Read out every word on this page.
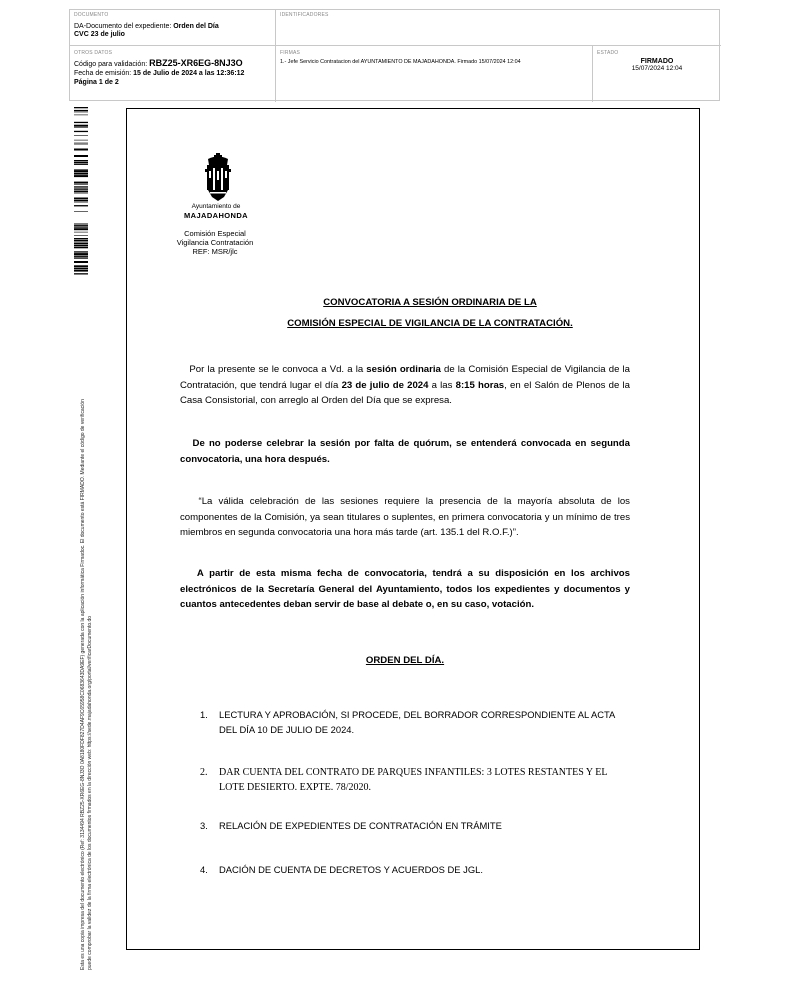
DOCUMENTO
DA-Documento del expediente: Orden del Día
CVC 23 de julio
IDENTIFICADORES
OTROS DATOS
Código para validación: RBZ25-XR6EG-8NJ3O
Fecha de emisión: 15 de Julio de 2024 a las 12:36:12
Página 1 de 2
FIRMAS
1.- Jefe Servicio Contratacion del AYUNTAMIENTO DE MAJADAHONDA. Firmado 15/07/2024 12:04
ESTADO
FIRMADO
15/07/2024 12:04
Esta es una copia impresa del documento electrónico (Ref: 3134494 RBZ25-XR6EG-8NJ3O 0A8180FDF827D4AF9C65958C0683643DA9EF) generada con la aplicación informática Firmadoc. El documento está FIRMADO. Mediante el código de verificación puede comprobar la validez de la firma electrónica de los documentos firmados en la dirección web: https://sede.majadahonda.org/portal/verificarDocumento.do
Ayuntamiento de
MAJADAHONDA
Comisión Especial
Vigilancia Contratación
REF: MSR/jlc
CONVOCATORIA A SESIÓN ORDINARIA DE LA
COMISIÓN ESPECIAL DE VIGILANCIA DE LA CONTRATACIÓN.
Por la presente se le convoca a Vd. a la sesión ordinaria de la Comisión Especial de Vigilancia de la Contratación, que tendrá lugar el día 23 de julio de 2024 a las 8:15 horas, en el Salón de Plenos de la Casa Consistorial, con arreglo al Orden del Día que se expresa.
De no poderse celebrar la sesión por falta de quórum, se entenderá convocada en segunda convocatoria, una hora después.
“La válida celebración de las sesiones requiere la presencia de la mayoría absoluta de los componentes de la Comisión, ya sean titulares o suplentes, en primera convocatoria y un mínimo de tres miembros en segunda convocatoria una hora más tarde (art. 135.1 del R.O.F.)”.
A partir de esta misma fecha de convocatoria, tendrá a su disposición en los archivos electrónicos de la Secretaría General del Ayuntamiento, todos los expedientes y documentos y cuantos antecedentes deban servir de base al debate o, en su caso, votación.
ORDEN DEL DÍA.
1.	LECTURA Y APROBACIÓN, SI PROCEDE, DEL BORRADOR CORRESPONDIENTE AL ACTA DEL DÍA 10 DE JULIO DE 2024.
2.	DAR CUENTA DEL CONTRATO DE PARQUES INFANTILES: 3 LOTES RESTANTES Y EL LOTE DESIERTO. EXPTE. 78/2020.
3.	RELACIÓN DE EXPEDIENTES DE CONTRATACIÓN EN TRÁMITE
4.	DACIÓN DE CUENTA DE DECRETOS Y ACUERDOS DE JGL.
